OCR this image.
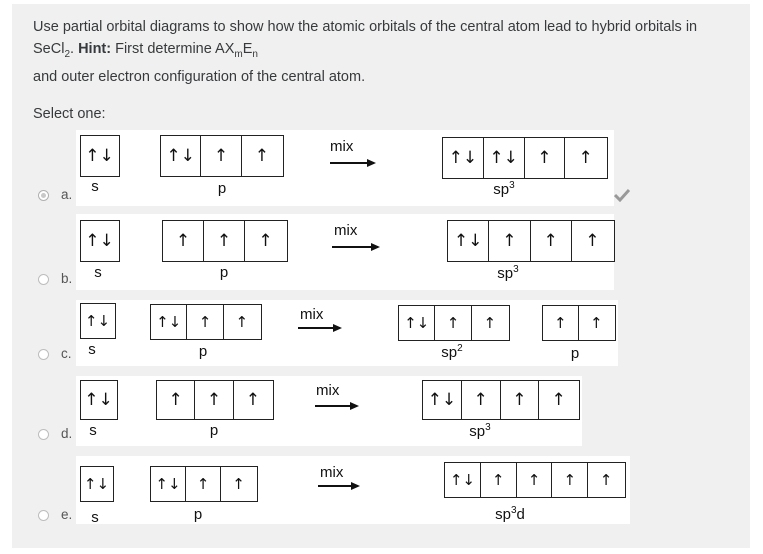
Use partial orbital diagrams to show how the atomic orbitals of the central atom lead to hybrid orbitals in
SeCl$_2$. Hint: First determine $AX_mE_n$
and outer electron configuration of the central atom.
Select one:
a.
↑↓	↑↓	↑	↑	↑↓ ↑↓	↑	↑
mix
s	p	$sp^3$
b.
↑↓	↑	↑	↑	↑↓	↑	↑	↑
mix
s	p	$sp^3$
c.
↑↓	↑↓	↑	↑	↑↓	↑	↑	↑	↑
mix
s	p	$sp^2$	p
d.
↑↓	↑	↑	↑	↑↓	↑	↑	↑
mix
s	p	$sp^3$
e.
↑↓	↑↓	↑	↑	↑↓	↑	↑	↑	↑
mix
s	p	$sp^3d$
